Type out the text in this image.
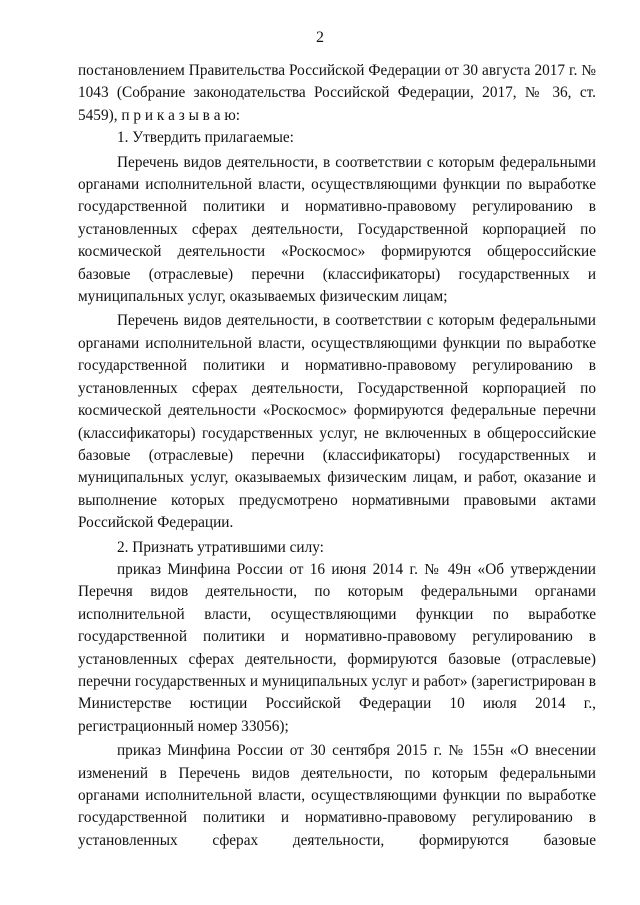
2

постановлением Правительства Российской Федерации от 30 августа 2017 г. № 1043 (Собрание законодательства Российской Федерации, 2017, № 36, ст. 5459), п р и к а з ы в а ю:

1. Утвердить прилагаемые:

Перечень видов деятельности, в соответствии с которым федеральными органами исполнительной власти, осуществляющими функции по выработке государственной политики и нормативно-правовому регулированию в установленных сферах деятельности, Государственной корпорацией по космической деятельности «Роскосмос» формируются общероссийские базовые (отраслевые) перечни (классификаторы) государственных и муниципальных услуг, оказываемых физическим лицам;

Перечень видов деятельности, в соответствии с которым федеральными органами исполнительной власти, осуществляющими функции по выработке государственной политики и нормативно-правовому регулированию в установленных сферах деятельности, Государственной корпорацией по космической деятельности «Роскосмос» формируются федеральные перечни (классификаторы) государственных услуг, не включенных в общероссийские базовые (отраслевые) перечни (классификаторы) государственных и муниципальных услуг, оказываемых физическим лицам, и работ, оказание и выполнение которых предусмотрено нормативными правовыми актами Российской Федерации.

2. Признать утратившими силу:

приказ Минфина России от 16 июня 2014 г. № 49н «Об утверждении Перечня видов деятельности, по которым федеральными органами исполнительной власти, осуществляющими функции по выработке государственной политики и нормативно-правовому регулированию в установленных сферах деятельности, формируются базовые (отраслевые) перечни государственных и муниципальных услуг и работ» (зарегистрирован в Министерстве юстиции Российской Федерации 10 июля 2014 г., регистрационный номер 33056);

приказ Минфина России от 30 сентября 2015 г. № 155н «О внесении изменений в Перечень видов деятельности, по которым федеральными органами исполнительной власти, осуществляющими функции по выработке государственной политики и нормативно-правовому регулированию в установленных сферах деятельности, формируются базовые
